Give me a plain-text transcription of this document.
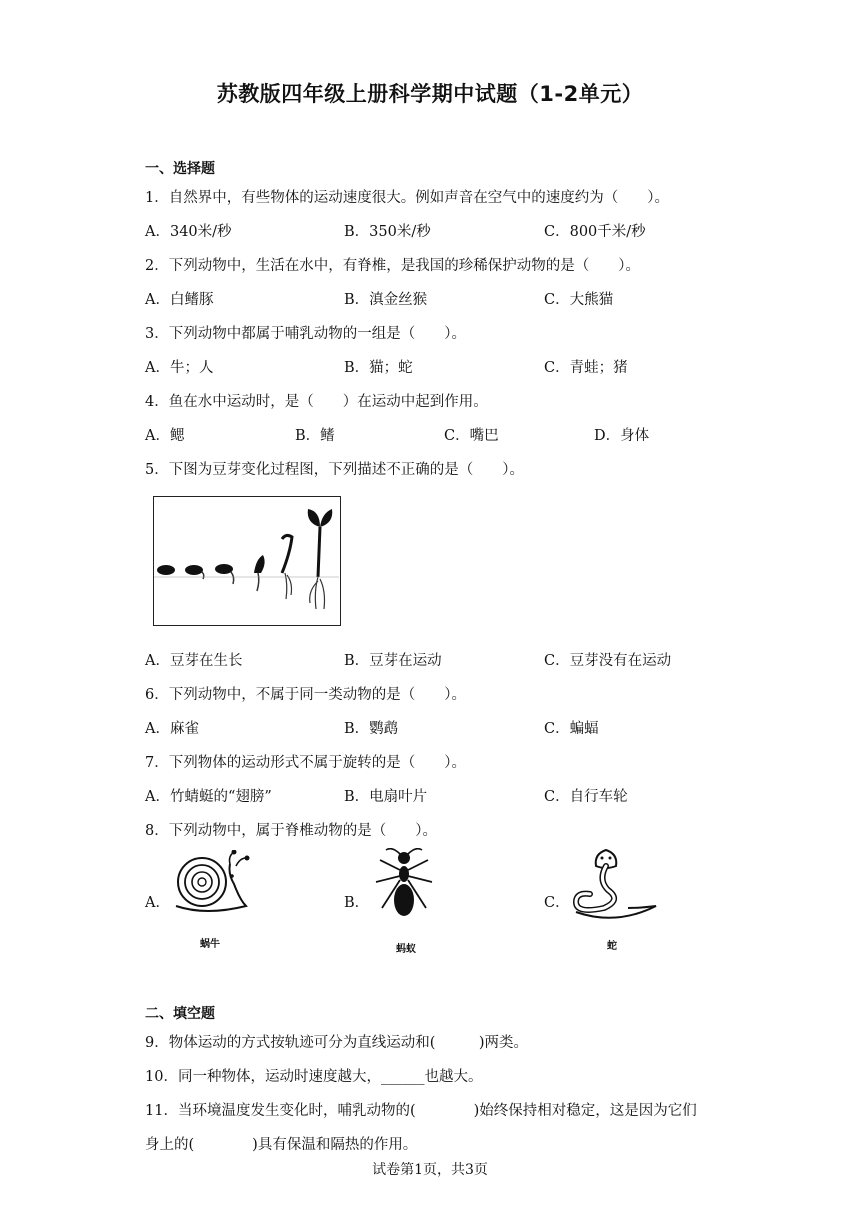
苏教版四年级上册科学期中试题（1-2单元）
一、选择题
1．自然界中，有些物体的运动速度很大。例如声音在空气中的速度约为（　　）。
A．340米/秒	B．350米/秒	C．800千米/秒
2．下列动物中，生活在水中，有脊椎，是我国的珍稀保护动物的是（　　）。
A．白鳍豚	B．滇金丝猴	C．大熊猫
3．下列动物中都属于哺乳动物的一组是（　　）。
A．牛；人	B．猫；蛇	C．青蛙；猪
4．鱼在水中运动时，是（　　）在运动中起到作用。
A．鳃	B．鳍	C．嘴巴	D．身体
5．下图为豆芽变化过程图，下列描述不正确的是（　　）。
A．豆芽在生长	B．豆芽在运动	C．豆芽没有在运动
6．下列动物中，不属于同一类动物的是（　　）。
A．麻雀	B．鹦鹉	C．蝙蝠
7．下列物体的运动形式不属于旋转的是（　　）。
A．竹蜻蜓的“翅膀”	B．电扇叶片	C．自行车轮
8．下列动物中，属于脊椎动物的是（　　）。
A．	B．	C．
蜗牛	蚂蚁	蛇
二、填空题
9．物体运动的方式按轨迹可分为直线运动和(　　　)两类。
10．同一种物体，运动时速度越大，______也越大。
11．当环境温度发生变化时，哺乳动物的(　　　　)始终保持相对稳定，这是因为它们
身上的(　　　　)具有保温和隔热的作用。
试卷第1页，共3页
